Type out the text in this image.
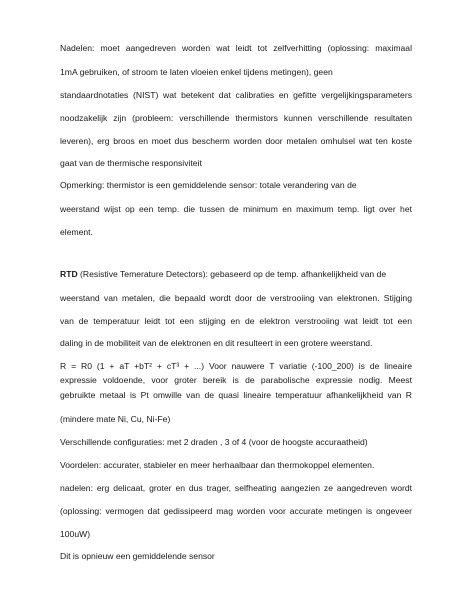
Nadelen: moet aangedreven worden wat leidt tot zelfverhitting (oplossing: maximaal
1mA gebruiken, of stroom te laten vloeien enkel tijdens metingen), geen
standaardnotaties (NIST) wat betekent dat calibraties en gefitte vergelijkingsparameters
noodzakelijk zijn (probleem: verschillende thermistors kunnen verschillende resultaten
leveren), erg broos en moet dus bescherm worden door metalen omhulsel wat ten koste
gaat van de thermische responsiviteit
Opmerking: thermistor is een gemiddelende sensor: totale verandering van de
weerstand wijst op een temp. die tussen de minimum en maximum temp. ligt over het
element.
RTD (Resistive Temerature Detectors): gebaseerd op de temp. afhankelijkheid van de
weerstand van metalen, die bepaald wordt door de verstrooiing van elektronen. Stijging
van de temperatuur leidt tot een stijging en de elektron verstrooiing wat leidt tot een
daling in de mobiliteit van de elektronen en dit resulteert in een grotere weerstand.
R = R0 (1 + aT +bT² + cT³ + ...) Voor nauwere T variatie (-100_200) is de lineaire
expressie voldoende, voor groter bereik is de parabolische expressie nodig. Meest
gebruikte metaal is Pt omwille van de quasi lineaire temperatuur afhankelijkheid van R
(mindere mate Ni, Cu, Ni-Fe)
Verschillende configuraties: met 2 draden , 3 of 4 (voor de hoogste accuraatheid)
Voordelen: accurater, stabieler en meer herhaalbaar dan thermokoppel elementen.
nadelen: erg delicaat, groter en dus trager, selfheating aangezien ze aangedreven wordt
(oplossing: vermogen dat gedissipeerd mag worden voor accurate metingen is ongeveer
100uW)
Dit is opnieuw een gemiddelende sensor
